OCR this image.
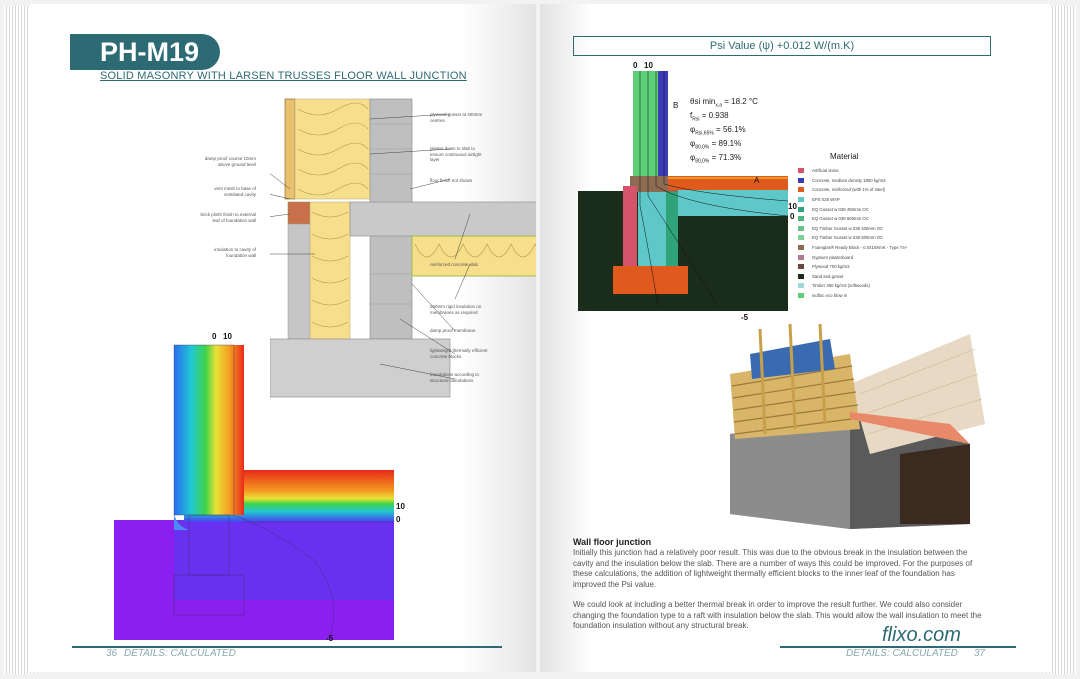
PH-M19
SOLID MASONRY WITH LARSEN TRUSSES FLOOR WALL JUNCTION
plywood gusset at 400mm centres
plaster down to slab to ensure continuous airtight layer
floor finish not shown
reinforced concrete slab
250mm rigid insulation on membranes as required
damp proof membrane
lightweight thermally efficient concrete blocks
foundations according to structural calculations
damp proof course 10mm above ground level
vent mesh to base of ventilated cavity
brick plinth finish to external leaf of foundation wall
insulation to cavity of foundation wall
0 10
10
0
-5
36 DETAILS: CALCULATED
Psi Value (ψ) +0.012 W/(m.K)
0 10
B
A
10
0
-5
θsi $\min_{x,a} = 18.2$ °C
$f_{Rsi} = 0.938$
$\varphi_{Rsi,65\%} = 56.1\%$
$\varphi_{80,0\%} = 89.1\%$
$\varphi_{80,0\%} = 71.3\%$	Material
Artificial stone
Concrete, medium density 1800 kg/m3
Concrete, reinforced (with 1% of steel)
EPS 038 WAP
EQ Gusset w 038 450mm OC
EQ Gusset w 038 600mm OC
EQ Timber Gusset w 038 400mm OC
EQ Timber Gusset w 038 600mm OC
Foamglas® Ready Block - 0.041W/mK - Type T4+
Gypsum plasterboard
Plywood 700 kg/m3
Sand and gravel
Timber 450 kg/m3 (softwoods)
Isofloc eco blow in
Wall floor junction
Initially this junction had a relatively poor result. This was due to the obvious break in the insulation between the cavity and the insulation below the slab. There are a number of ways this could be improved. For the purposes of these calculations, the addition of lightweight thermally efficient blocks to the inner leaf of the foundation has improved the Psi value.
We could look at including a better thermal break in order to improve the result further. We could also consider changing the foundation type to a raft with insulation below the slab. This would allow the wall insulation to meet the foundation insulation without any structural break.	flixo.com
DETAILS: CALCULATED 37
